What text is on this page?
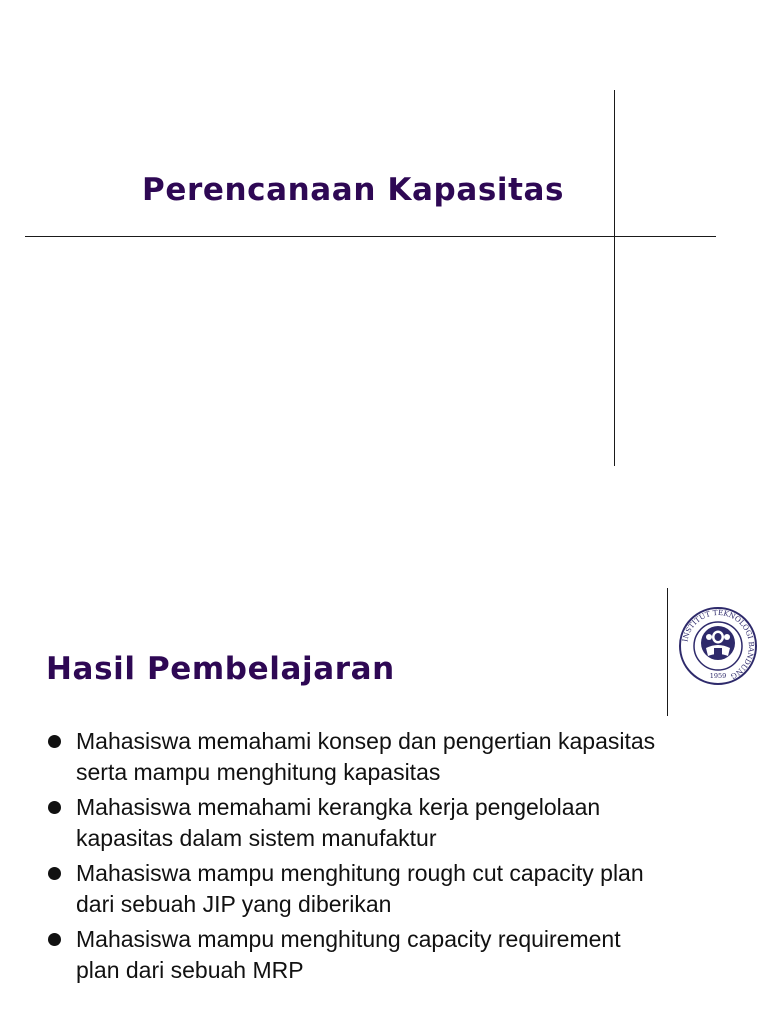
Perencanaan Kapasitas
INSTITUT TEKNOLOGI BANDUNG
1959
Hasil Pembelajaran
Mahasiswa memahami konsep dan pengertian kapasitas
serta mampu menghitung kapasitas
Mahasiswa memahami kerangka kerja pengelolaan
kapasitas dalam sistem manufaktur
Mahasiswa mampu menghitung rough cut capacity plan
dari sebuah JIP yang diberikan
Mahasiswa mampu menghitung capacity requirement
plan dari sebuah MRP
